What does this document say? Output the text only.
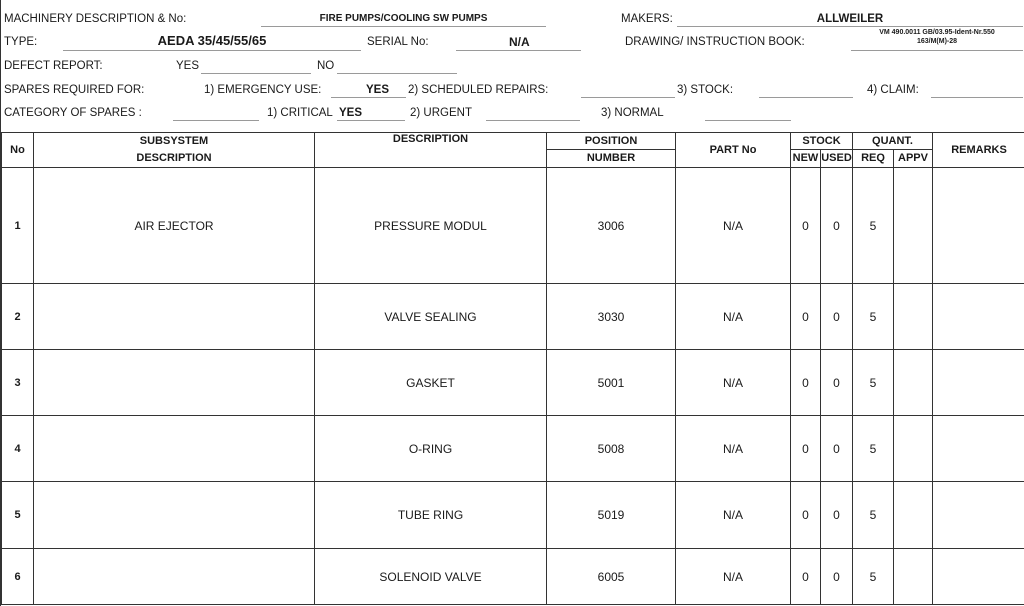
MACHINERY DESCRIPTION & No:	FIRE PUMPS/COOLING SW PUMPS	MAKERS:	ALLWEILER
TYPE:	AEDA 35/45/55/65	SERIAL No:	N/A	DRAWING/ INSTRUCTION BOOK:
VM 490.0011 GB/03.95-Ident-Nr.550
163/M(M)-28
DEFECT REPORT:	YES	NO
SPARES REQUIRED FOR:	1) EMERGENCY USE:	YES 2) SCHEDULED REPAIRS:	3) STOCK:	4) CLAIM:
CATEGORY OF SPARES :	1) CRITICAL YES	2) URGENT	3) NORMAL
No	SUBSYSTEM	DESCRIPTION	POSITION	PART No	STOCK		QUANT.		REMARKS
	DESCRIPTION		NUMBER		NEW	USED	REQ	APPV	
1	AIR EJECTOR	PRESSURE MODUL	3006	N/A	0	0	5		
2		VALVE SEALING	3030	N/A	0	0	5		
3		GASKET	5001	N/A	0	0	5		
4		O-RING	5008	N/A	0	0	5		
5		TUBE RING	5019	N/A	0	0	5		
6		SOLENOID VALVE	6005	N/A	0	0	5		
